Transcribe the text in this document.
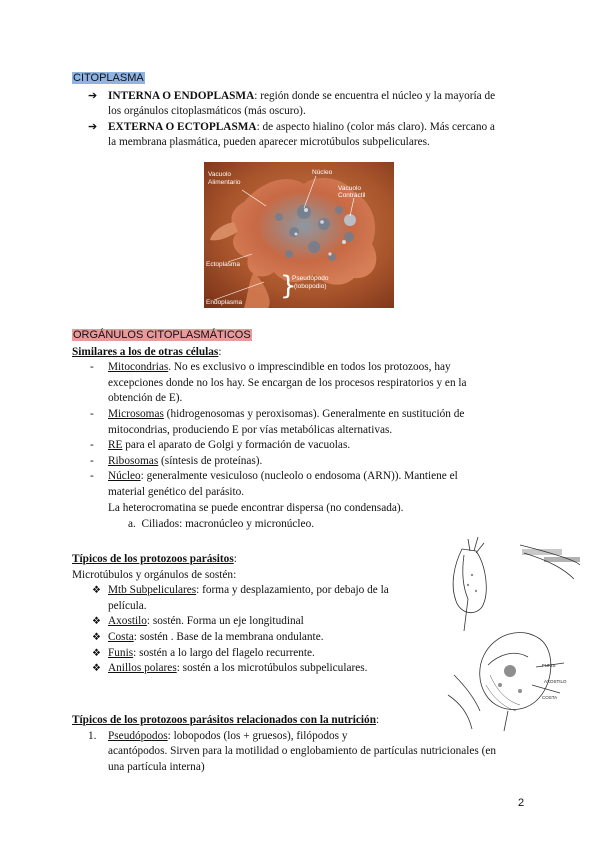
CITOPLASMA
➔ INTERNA O ENDOPLASMA: región donde se encuentra el núcleo y la mayoría de
los orgánulos citoplasmáticos (más oscuro).
➔ EXTERNA O ECTOPLASMA: de aspecto hialino (color más claro). Más cercano a
la membrana plasmática, pueden aparecer microtúbulos subpeliculares.
Vacuolo
Alimentario
Núcleo
Vacuolo
Contráctil
Ectoplasma
}
Pseudópodo
(lobopodio)
Endoplasma
ORGÁNULOS CITOPLASMÁTICOS
Similares a los de otras células:
- Mitocondrias. No es exclusivo o imprescindible en todos los protozoos, hay
excepciones donde no los hay. Se encargan de los procesos respiratorios y en la
obtención de E).
- Microsomas (hidrogenosomas y peroxisomas). Generalmente en sustitución de
mitocondrias, produciendo E por vías metabólicas alternativas.
- RE para el aparato de Golgi y formación de vacuolas.
- Ribosomas (síntesis de proteínas).
- Núcleo: generalmente vesiculoso (nucleolo o endosoma (ARN)). Mantiene el
material genético del parásito.
La heterocromatina se puede encontrar dispersa (no condensada).
a. Ciliados: macronúcleo y micronúcleo.
Típicos de los protozoos parásitos:
Microtúbulos y orgánulos de sostén:
❖ Mtb Subpeliculares: forma y desplazamiento, por debajo de la
película.
❖ Axostilo: sostén. Forma un eje longitudinal
❖ Costa: sostén . Base de la membrana ondulante.
❖ Funis: sostén a lo largo del flagelo recurrente.
❖ Anillos polares: sostén a los microtúbulos subpeliculares.	FUNIS
AXOSTILO
COSTA
Típicos de los protozoos parásitos relacionados con la nutrición:
1. Pseudópodos: lobopodos (los + gruesos), filópodos y
acantópodos. Sirven para la motilidad o englobamiento de partículas nutricionales (en
una partícula interna)
2
